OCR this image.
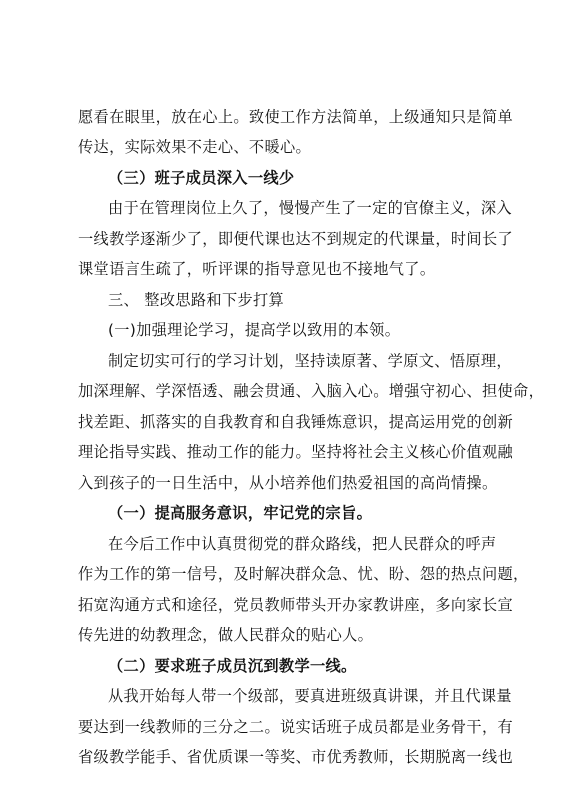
愿看在眼里，放在心上。致使工作方法简单，上级通知只是简单
传达，实际效果不走心、不暖心。
（三）班子成员深入一线少
由于在管理岗位上久了，慢慢产生了一定的官僚主义，深入
一线教学逐渐少了，即便代课也达不到规定的代课量，时间长了
课堂语言生疏了，听评课的指导意见也不接地气了。
三、 整改思路和下步打算
(一)加强理论学习，提高学以致用的本领。
制定切实可行的学习计划，坚持读原著、学原文、悟原理，
加深理解、学深悟透、融会贯通、入脑入心。增强守初心、担使命，
找差距、抓落实的自我教育和自我锤炼意识，提高运用党的创新
理论指导实践、推动工作的能力。坚持将社会主义核心价值观融
入到孩子的一日生活中，从小培养他们热爱祖国的高尚情操。
（一）提高服务意识，牢记党的宗旨。
在今后工作中认真贯彻党的群众路线，把人民群众的呼声
作为工作的第一信号，及时解决群众急、忧、盼、怨的热点问题，
拓宽沟通方式和途径，党员教师带头开办家教讲座，多向家长宣
传先进的幼教理念，做人民群众的贴心人。
（二）要求班子成员沉到教学一线。
从我开始每人带一个级部，要真进班级真讲课，并且代课量
要达到一线教师的三分之二。说实话班子成员都是业务骨干，有
省级教学能手、省优质课一等奖、市优秀教师，长期脱离一线也
